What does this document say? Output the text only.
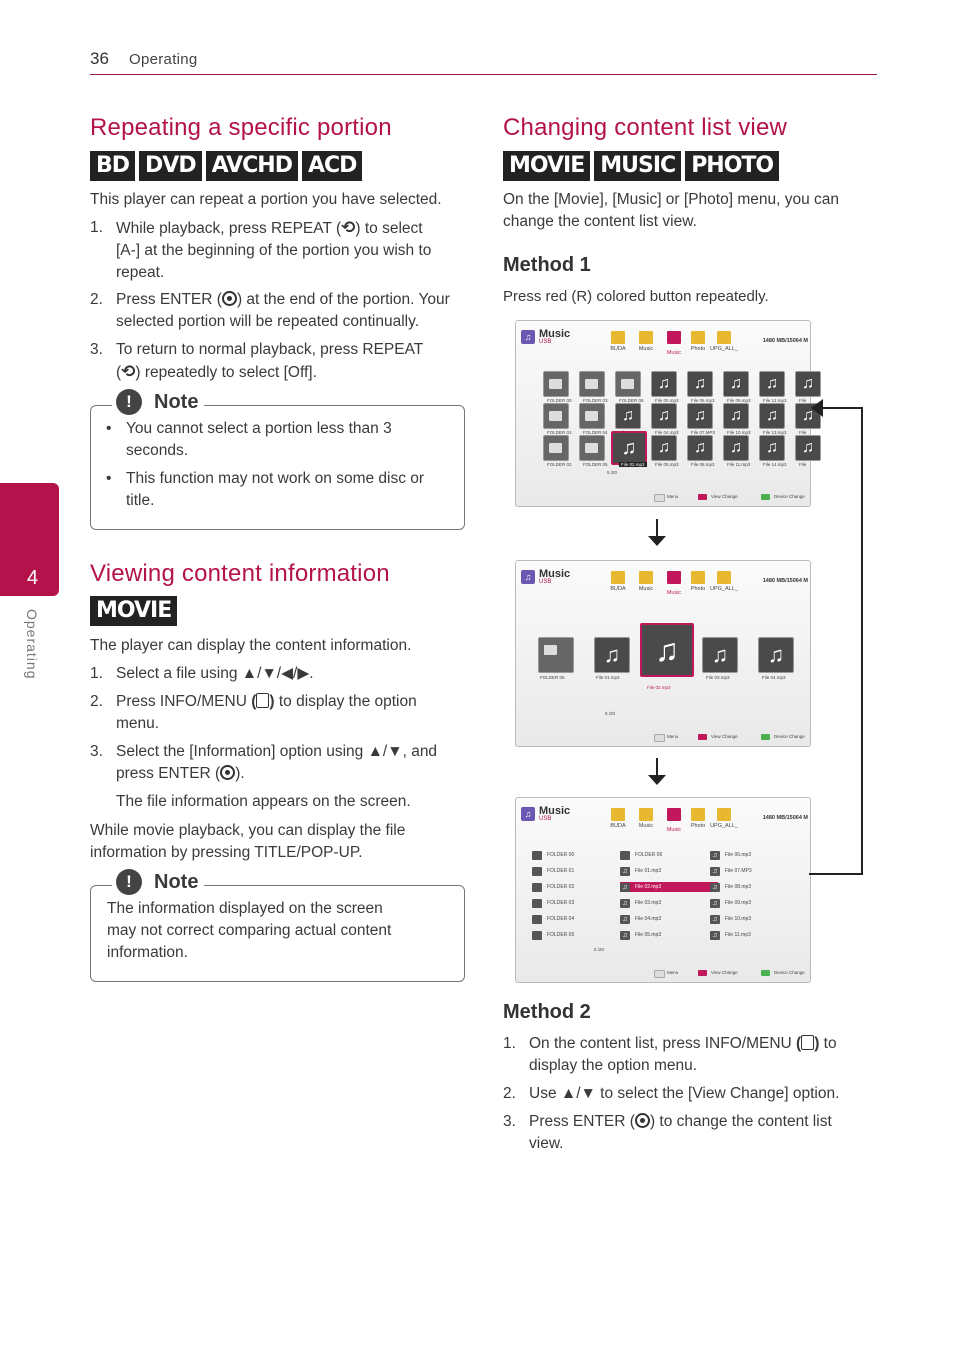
36 Operating
4
Operating
Repeating a specific portion
BD DVD AVCHD ACD

This player can repeat a portion you have selected.

1. While playback, press REPEAT (⟲) to select
[A-] at the beginning of the portion you wish to
repeat.
2. Press ENTER ( ) at the end of the portion. Your
selected portion will be repeated continually.
3. To return to normal playback, press REPEAT
(⟲) repeatedly to select [Off].
!	Note
• You cannot select a portion less than 3
seconds.
• This function may not work on some disc or
title.
Viewing content information
MOVIE

The player can display the content information.

1. Select a file using ▲/▼/◀/▶.
2. Press INFO/MENU ( ) to display the option
menu.
3. Select the [Information] option using ▲/▼, and
press ENTER ( ).

The file information appears on the screen.

While movie playback, you can display the file
information by pressing TITLE/POP-UP.

!	Note

The information displayed on the screen
may not correct comparing actual content
information.

Changing content list view
MOVIE MUSIC PHOTO

On the [Movie], [Music] or [Photo] menu, you can
change the content list view.

Method 1

Press red (R) colored button repeatedly.

♫ Music
USB
BUDA	Music
Music
Photo UPG_ALL_
1480 MB/15064 M
FOLDER 00	FOLDER 03	FOLDER 06
♫
File 00.mp3
♫
File 06.mp3
♫
File 09.mp3
♫
File 12.mp3
♫
File
FOLDER 01	FOLDER 04
♫	♫
File 04.mp3
♫
File 07.MP3
♫
File 10.mp3
♫
File 13.mp3
♫
File
FOLDER 02	FOLDER 05
♫
File 02.mp3
♫
File 05.mp3
♫
File 08.mp3
♫
File 11.mp3
♫
File 14.mp3
♫
File
5 /20
Menu	View Change	Device Change
♫ Music
USB
BUDA	Music
Music
Photo UPG_ALL_
1480 MB/15064 M
FOLDER 06
♫
File 01.mp3
♫
File 02.mp3
♫
File 03.mp3
♫
File 04.mp3
5 /20
Menu	View Change	Device Change
♫ Music
USB
BUDA	Music
Music
Photo UPG_ALL_
1480 MB/15064 M
FOLDER 00
FOLDER 01
FOLDER 02
FOLDER 03
FOLDER 04
FOLDER 05
FOLDER 06
♫	File 01.mp3
♫	File 02.mp3
♫	File 03.mp3
♫	File 04.mp3
♫	File 05.mp3
♫	File 06.mp3
♫	File 07.MP3
♫	File 08.mp3
♫	File 09.mp3
♫	File 10.mp3
♫	File 11.mp3
5 /20
Menu	View Change	Device Change
Method 2
1. On the content list, press INFO/MENU ( ) to
display the option menu.
2. Use ▲/▼ to select the [View Change] option.
3. Press ENTER ( ) to change the content list
view.
